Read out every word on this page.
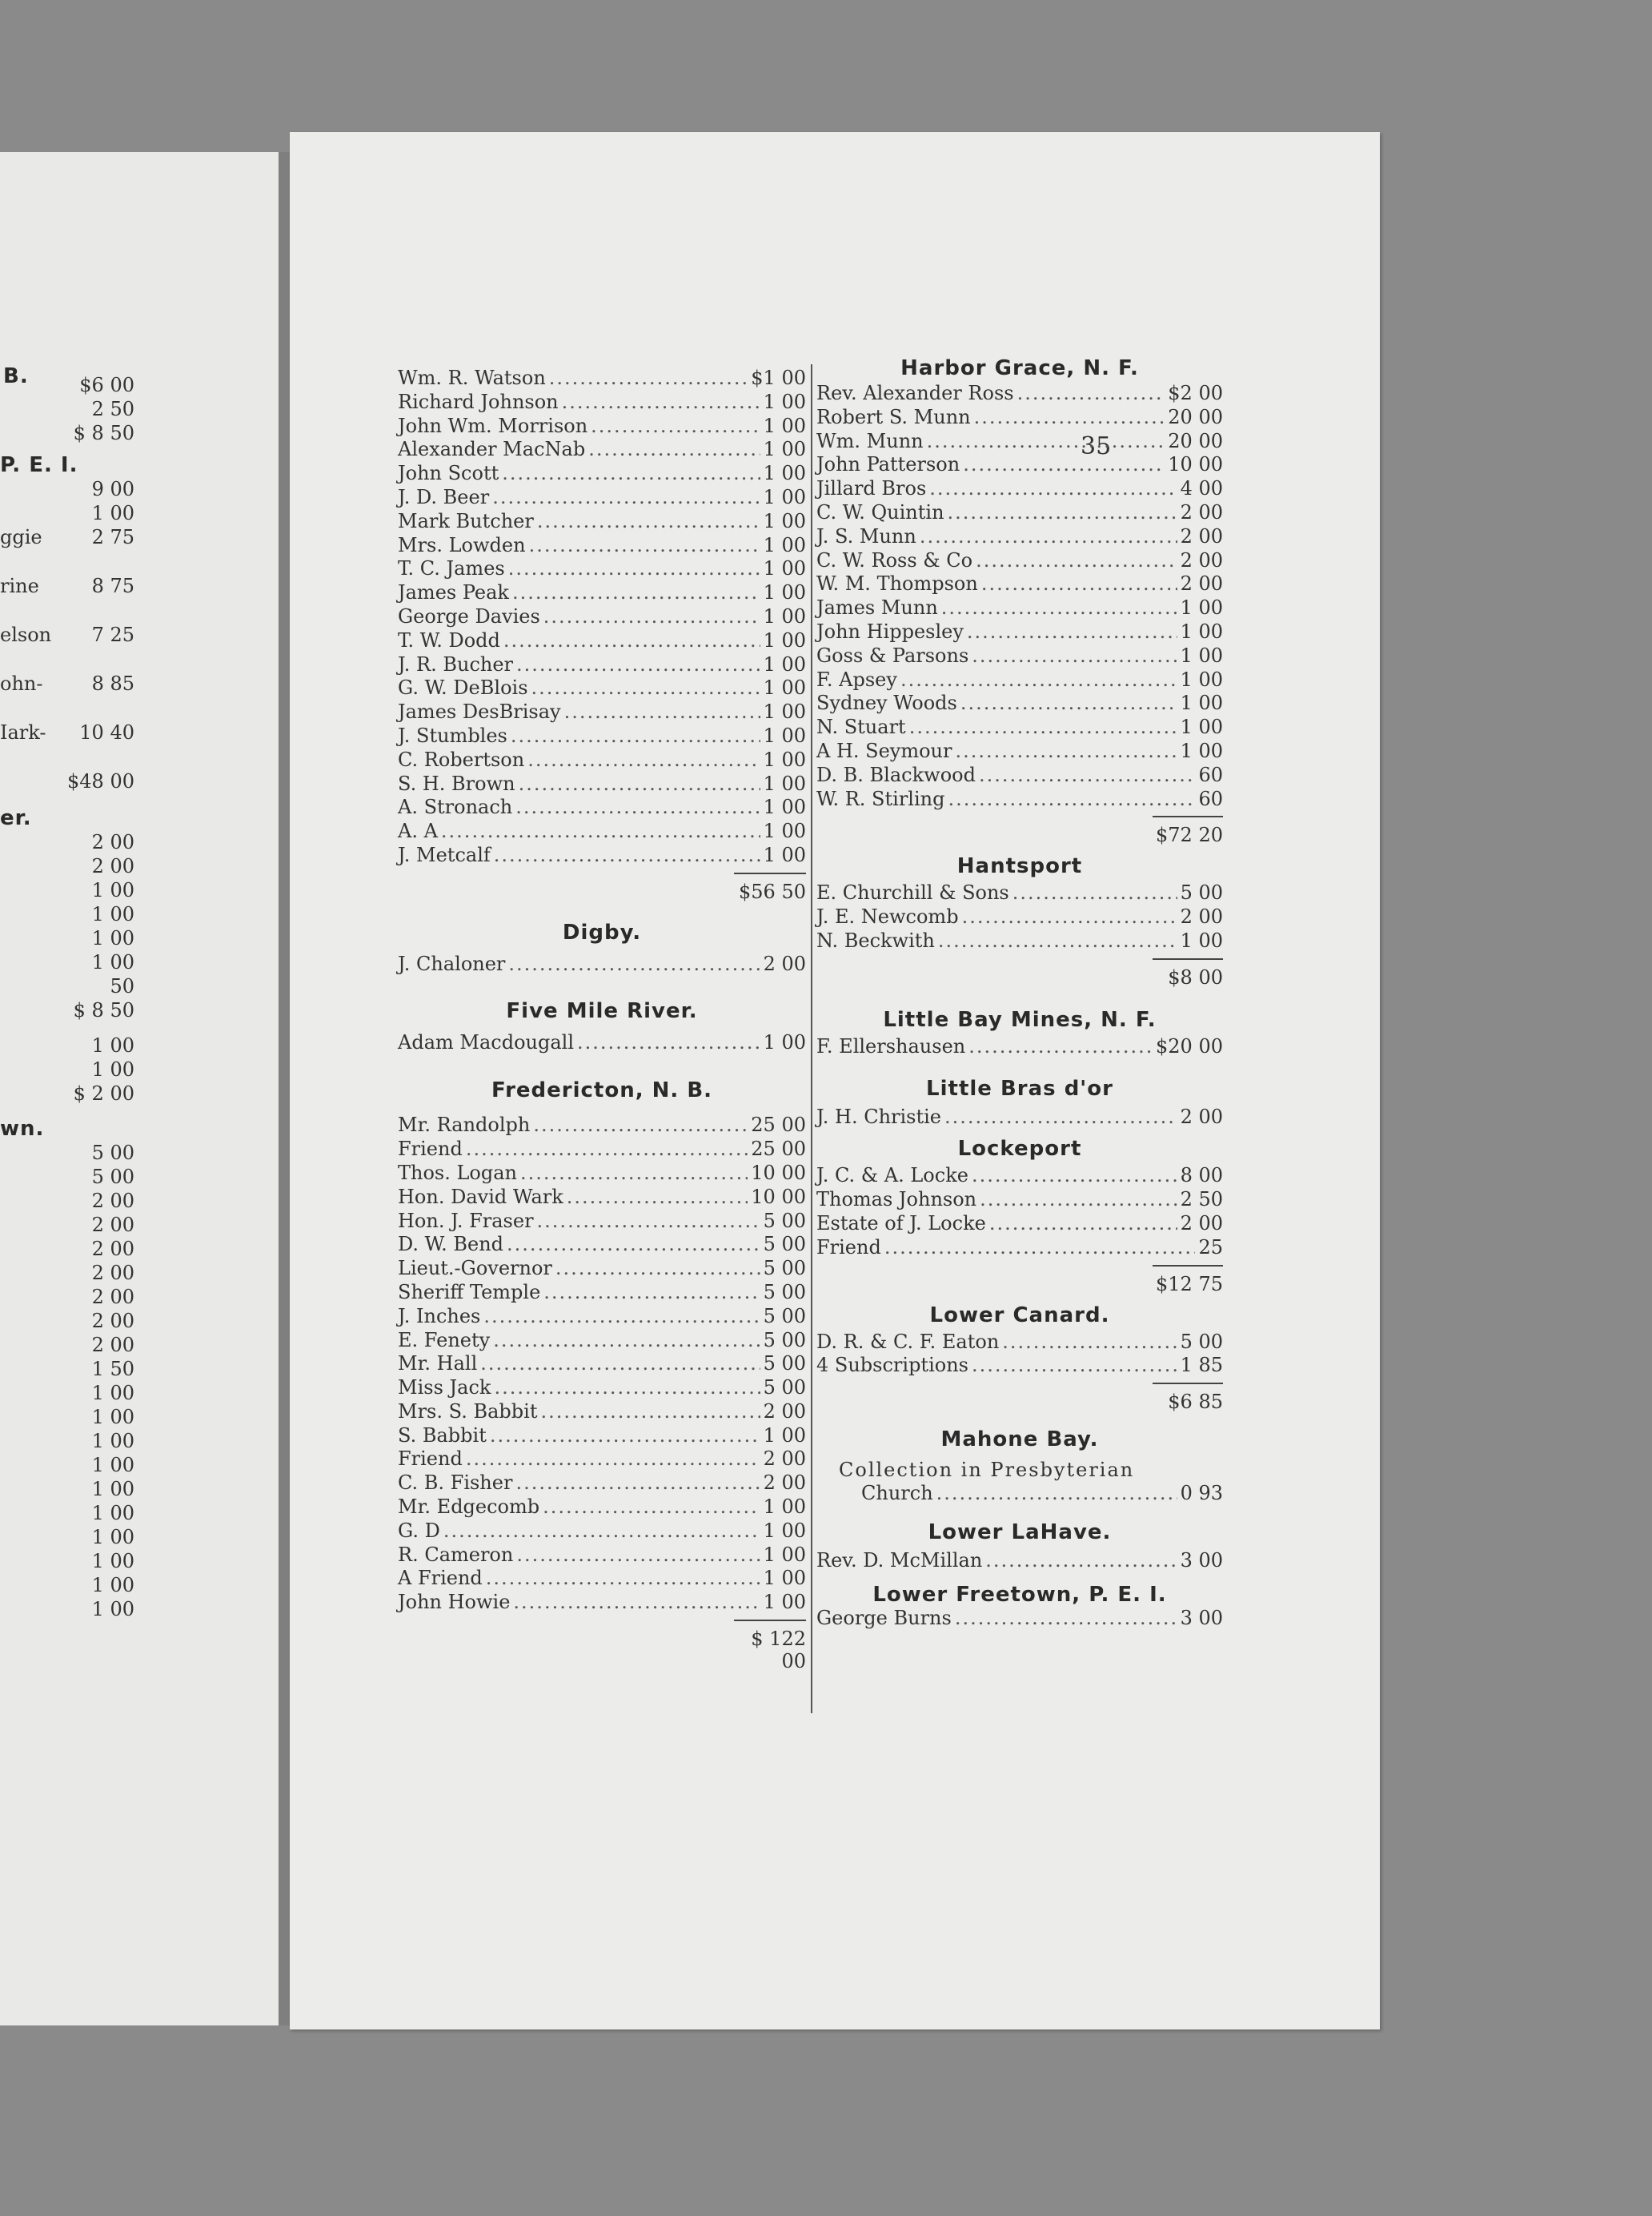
B.
35
$6 00
2 50
$ 8 50
P. E. I.
9 00
1 00
ggie	2 75
rine	8 75
elson 7 25
ohn-	8 85
Iark- 10 40
$48 00
er.
2 00
2 00
1 00
1 00
1 00
1 00
50
$ 8 50
1 00
1 00
$ 2 00
wn.
5 00
5 00
2 00
2 00
2 00
2 00
2 00
2 00
2 00
1 50
1 00
1 00
1 00
1 00
1 00
1 00
1 00
1 00
1 00
1 00
Wm. R. Watson .....	$1 00
Richard Johnson .....	1 00
John Wm. Morrison .....	1 00
Alexander MacNab .....	1 00
John Scott .....	1 00
J. D. Beer .....	1 00
Mark Butcher .....	1 00
Mrs. Lowden .....	1 00
T. C. James .....	1 00
James Peak .....	1 00
George Davies .....	1 00
T. W. Dodd .....	1 00
J. R. Bucher .....	1 00
G. W. DeBlois .....	1 00
James DesBrisay .....	1 00
J. Stumbles .....	1 00
C. Robertson .....	1 00
S. H. Brown .....	1 00
A. Stronach .....	1 00
A. A .....	1 00
J. Metcalf .....	1 00
$56 50
Digby.
J. Chaloner .....	2 00
Five Mile River.
Adam Macdougall .....	1 00
Fredericton, N. B.
Mr. Randolph .....	25 00
Friend .....	25 00
Thos. Logan .....	10 00
Hon. David Wark .....	10 00
Hon. J. Fraser .....	5 00
D. W. Bend .....	5 00
Lieut.-Governor .....	5 00
Sheriff Temple .....	5 00
J. Inches .....	5 00
E. Fenety .....	5 00
Mr. Hall .....	5 00
Miss Jack .....	5 00
Mrs. S. Babbit .....	2 00
S. Babbit .....	1 00
Friend .....	2 00
C. B. Fisher .....	2 00
Mr. Edgecomb .....	1 00
G. D .....	1 00
R. Cameron .....	1 00
A Friend .....	1 00
John Howie .....	1 00
$ 122 00
Harbor Grace, N. F.
Rev. Alexander Ross .....	$2 00
Robert S. Munn .....	20 00
Wm. Munn .....	20 00
John Patterson .....	10 00
Jillard Bros .....	4 00
C. W. Quintin .....	2 00
J. S. Munn .....	2 00
C. W. Ross & Co .....	2 00
W. M. Thompson .....	2 00
James Munn .....	1 00
John Hippesley .....	1 00
Goss & Parsons .....	1 00
F. Apsey .....	1 00
Sydney Woods .....	1 00
N. Stuart .....	1 00
A H. Seymour .....	1 00
D. B. Blackwood .....	60
W. R. Stirling .....	60
$72 20
Hantsport
E. Churchill & Sons .....	5 00
J. E. Newcomb .....	2 00
N. Beckwith .....	1 00
$8 00
Little Bay Mines, N. F.
F. Ellershausen .....	$20 00
Little Bras d'or
J. H. Christie .....	2 00
Lockeport
J. C. & A. Locke .....	8 00
Thomas Johnson .....	2 50
Estate of J. Locke .....	2 00
Friend .....	25
$12 75
Lower Canard.
D. R. & C. F. Eaton .....	5 00
4 Subscriptions .....	1 85
$6 85
Mahone Bay.
Collection in Presbyterian
Church .....	0 93
Lower LaHave.
Rev. D. McMillan .....	3 00
Lower Freetown, P. E. I.
George Burns .....	3 00
